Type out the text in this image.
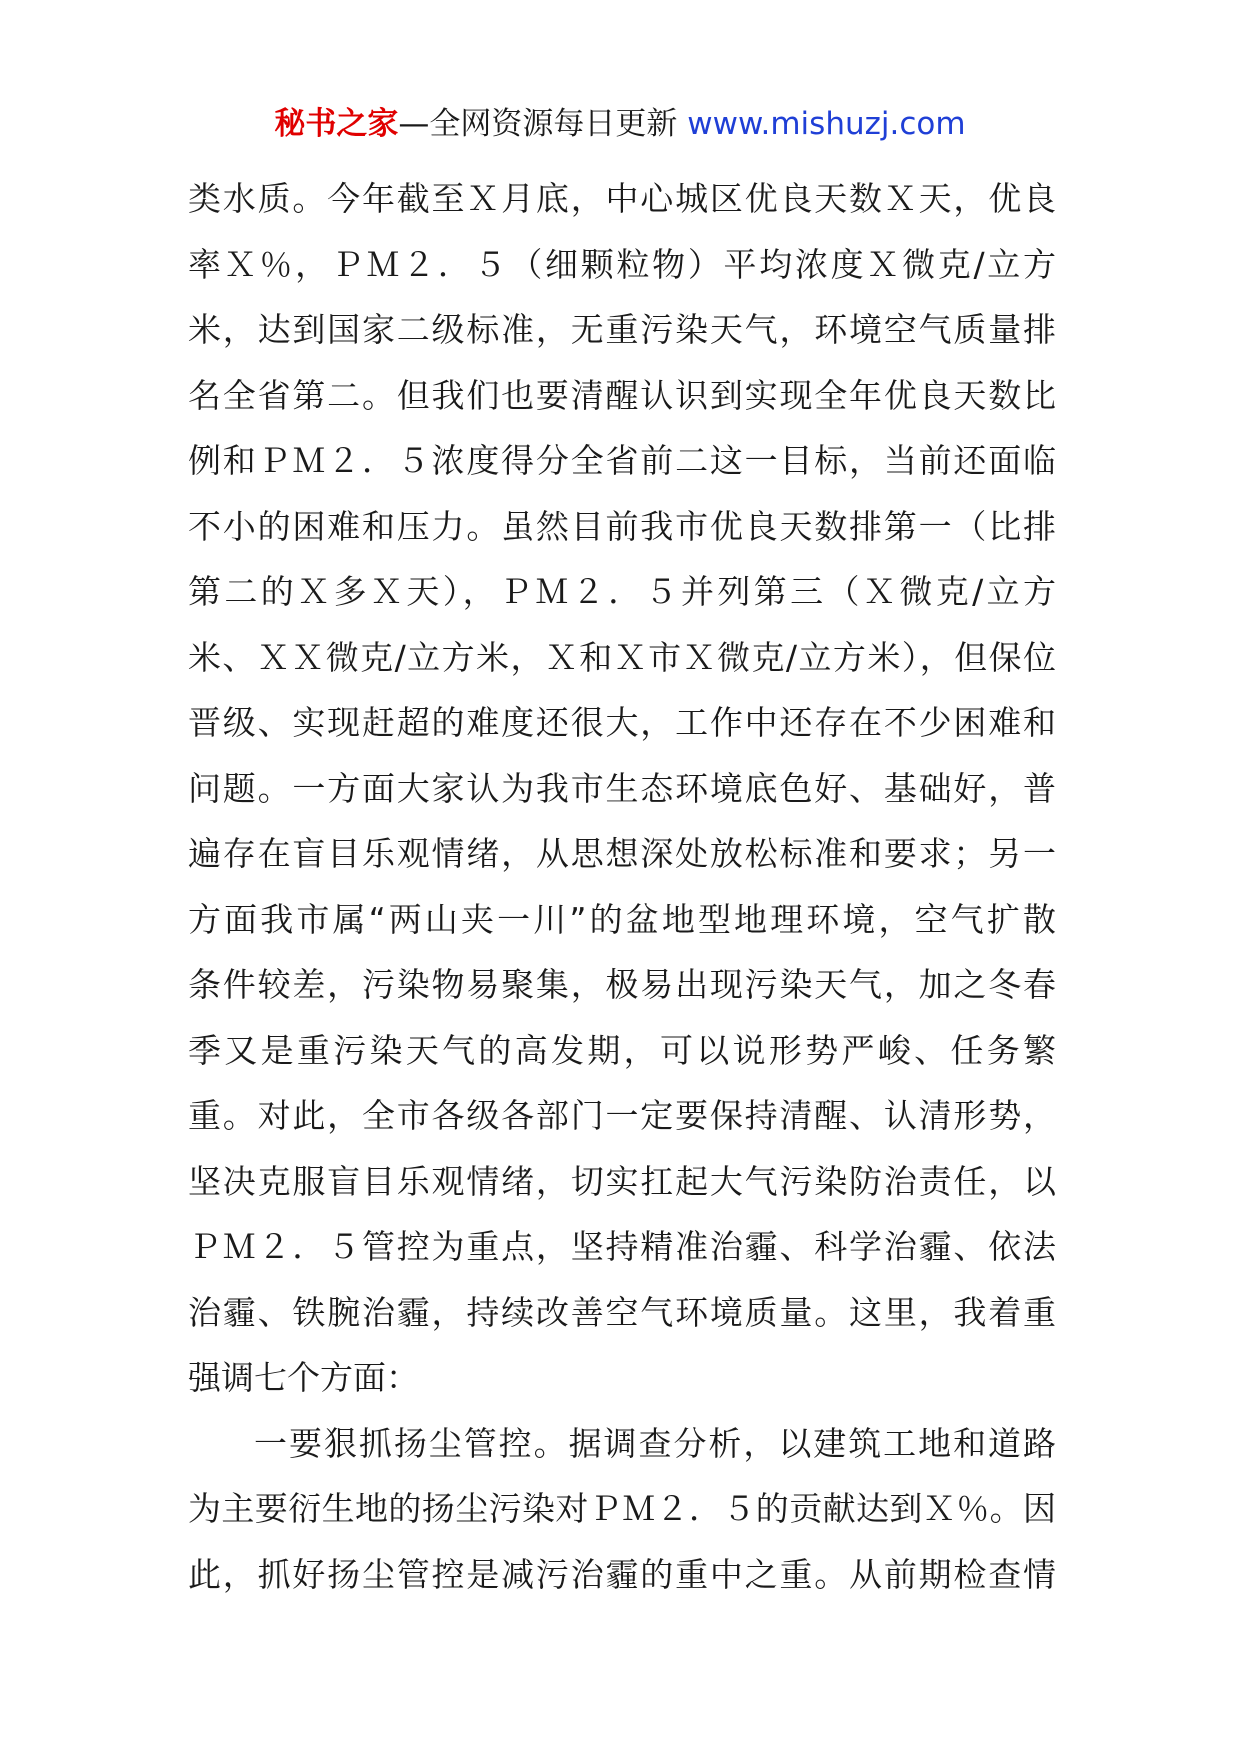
秘书之家—全网资源每日更新 www.mishuzj.com
类水质。今年截至Ｘ月底，中心城区优良天数Ｘ天，优良
率Ｘ％，ＰＭ２．５（细颗粒物）平均浓度Ｘ微克/立方
米，达到国家二级标准，无重污染天气，环境空气质量排
名全省第二。但我们也要清醒认识到实现全年优良天数比
例和ＰＭ２．５浓度得分全省前二这一目标，当前还面临
不小的困难和压力。虽然目前我市优良天数排第一（比排
第二的Ｘ多Ｘ天），ＰＭ２．５并列第三（Ｘ微克/立方
米、ＸＸ微克/立方米，Ｘ和Ｘ市Ｘ微克/立方米），但保位
晋级、实现赶超的难度还很大，工作中还存在不少困难和
问题。一方面大家认为我市生态环境底色好、基础好，普
遍存在盲目乐观情绪，从思想深处放松标准和要求；另一
方面我市属“两山夹一川”的盆地型地理环境，空气扩散
条件较差，污染物易聚集，极易出现污染天气，加之冬春
季又是重污染天气的高发期，可以说形势严峻、任务繁
重。对此，全市各级各部门一定要保持清醒、认清形势，
坚决克服盲目乐观情绪，切实扛起大气污染防治责任，以
ＰＭ２．５管控为重点，坚持精准治霾、科学治霾、依法
治霾、铁腕治霾，持续改善空气环境质量。这里，我着重
强调七个方面：
一要狠抓扬尘管控。据调查分析，以建筑工地和道路
为主要衍生地的扬尘污染对ＰＭ２．５的贡献达到Ｘ％。因
此，抓好扬尘管控是减污治霾的重中之重。从前期检查情
